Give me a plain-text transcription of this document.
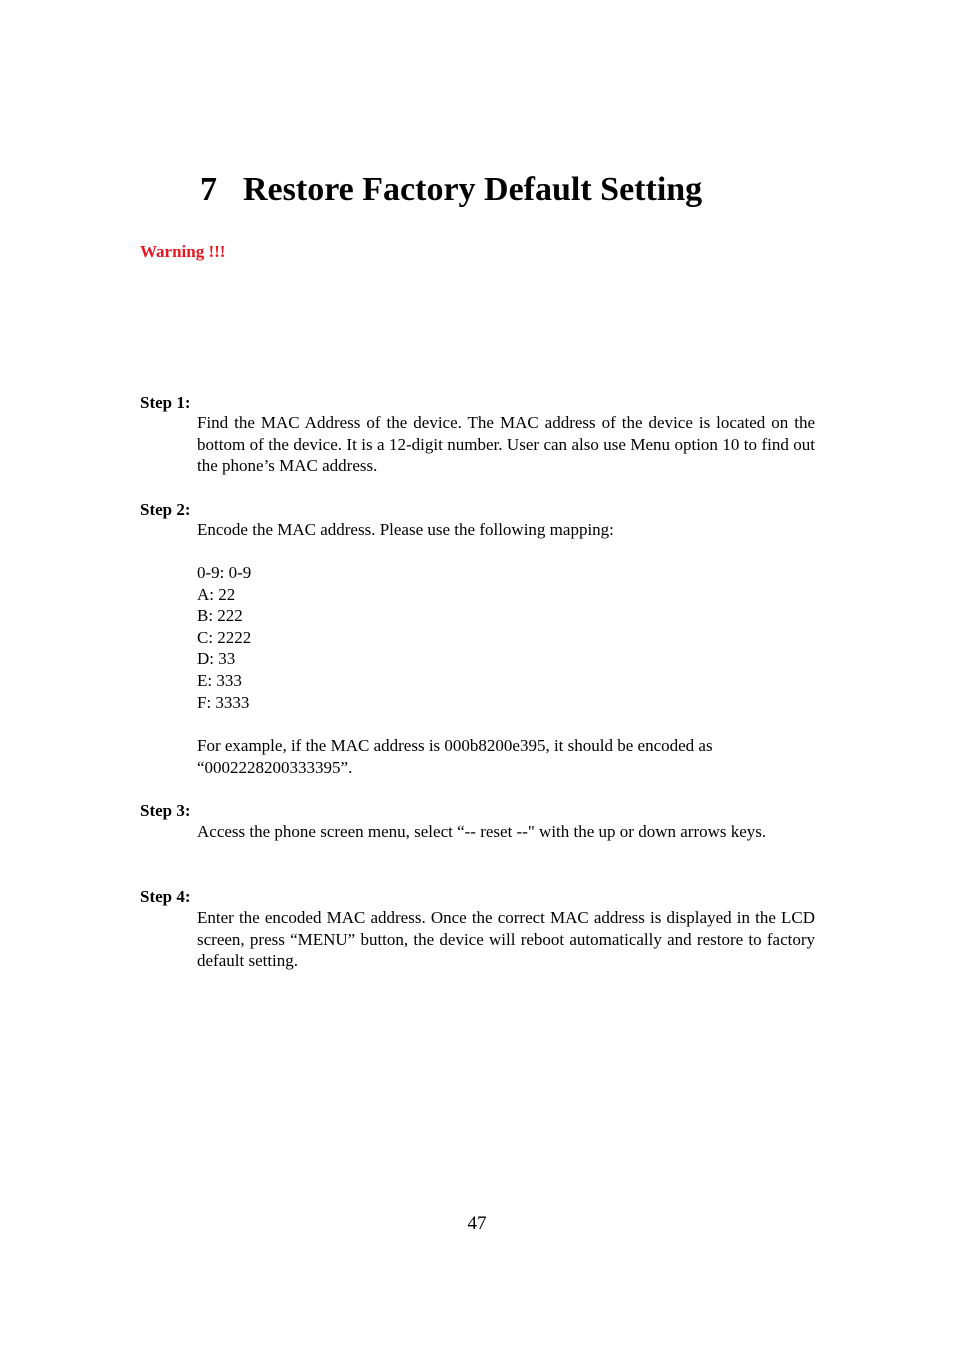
7 Restore Factory Default Setting
Warning !!!
Step 1:

Find the MAC Address of the device. The MAC address of the device is located on the bottom of the device. It is a 12-digit number. User can also use Menu option 10 to find out the phone’s MAC address.

Step 2:

Encode the MAC address. Please use the following mapping:

0-9: 0-9
A: 22
B: 222
C: 2222
D: 33
E: 333
F: 3333

For example, if the MAC address is 000b8200e395, it should be encoded as

“0002228200333395”.

Step 3:

Access the phone screen menu, select “-- reset --" with the up or down arrows keys.

Step 4:

Enter the encoded MAC address. Once the correct MAC address is displayed in the LCD screen, press “MENU” button, the device will reboot automatically and restore to factory default setting.

47
